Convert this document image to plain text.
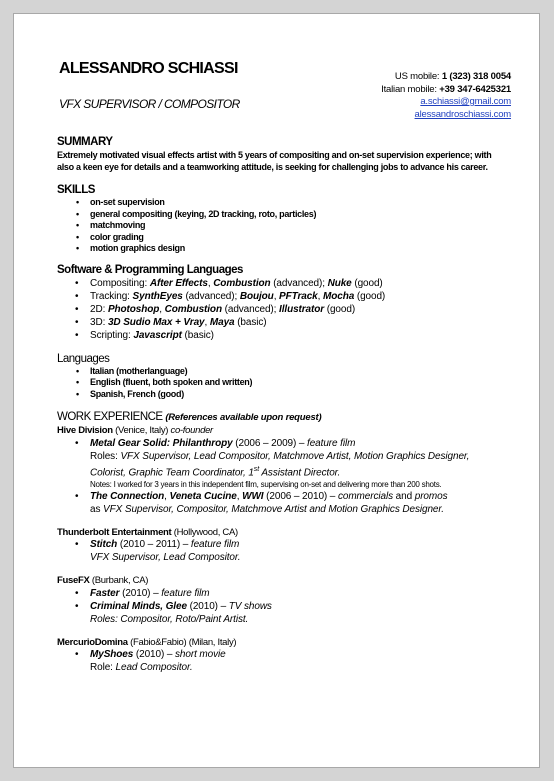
ALESSANDRO SCHIASSI
VFX SUPERVISOR / COMPOSITOR
US mobile: 1 (323) 318 0054
Italian mobile: +39 347-6425321
a.schiassi@gmail.com
alessandroschiassi.com
SUMMARY
Extremely motivated visual effects artist with 5 years of compositing and on-set supervision experience; with also a keen eye for details and a teamworking attitude, is seeking for challenging jobs to advance his career.
SKILLS
• on-set supervision
• general compositing (keying, 2D tracking, roto, particles)
• matchmoving
• color grading
• motion graphics design
Software & Programming Languages
• Compositing: After Effects, Combustion (advanced); Nuke (good)
• Tracking: SynthEyes (advanced); Boujou, PFTrack, Mocha (good)
• 2D: Photoshop, Combustion (advanced); Illustrator (good)
• 3D: 3D Sudio Max + Vray, Maya (basic)
• Scripting: Javascript (basic)
Languages
• Italian (motherlanguage)
• English (fluent, both spoken and written)
• Spanish, French (good)
WORK EXPERIENCE (References available upon request)
Hive Division (Venice, Italy) co-founder
• Metal Gear Solid: Philanthropy (2006 – 2009) – feature film
Roles: VFX Supervisor, Lead Compositor, Matchmove Artist, Motion Graphics Designer, Colorist, Graphic Team Coordinator, 1st Assistant Director.
Notes: I worked for 3 years in this independent film, supervising on-set and delivering more than 200 shots.
• The Connection, Veneta Cucine, WWI (2006 – 2010) – commercials and promos
as VFX Supervisor, Compositor, Matchmove Artist and Motion Graphics Designer.
Thunderbolt Entertainment (Hollywood, CA)
• Stitch (2010 – 2011) – feature film
VFX Supervisor, Lead Compositor.
FuseFX (Burbank, CA)
• Faster (2010) – feature film
• Criminal Minds, Glee (2010) – TV shows
Roles: Compositor, Roto/Paint Artist.
MercurioDomina (Fabio&Fabio) (Milan, Italy)
• MyShoes (2010) – short movie
Role: Lead Compositor.
